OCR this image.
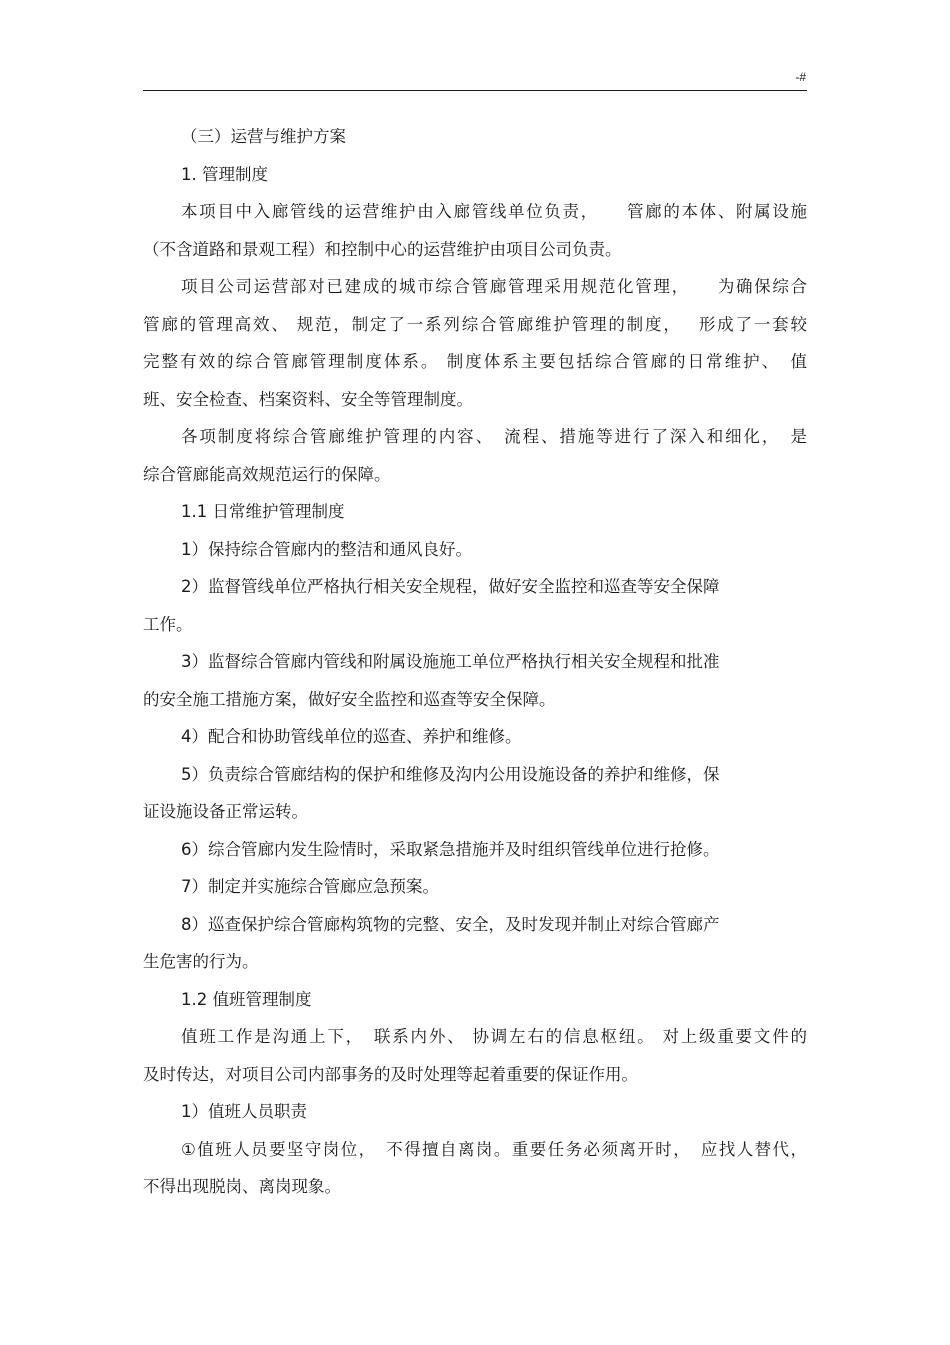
-#

（三）运营与维护方案

1. 管理制度

本项目中入廊管线的运营维护由入廊管线单位负责，　　管廊的本体、附属设施

（不含道路和景观工程）和控制中心的运营维护由项目公司负责。

项目公司运营部对已建成的城市综合管廊管理采用规范化管理，　　为确保综合

管廊的管理高效、 规范，制定了一系列综合管廊维护管理的制度，　 形成了一套较

完整有效的综合管廊管理制度体系。 制度体系主要包括综合管廊的日常维护、　值

班、安全检查、档案资料、安全等管理制度。

各项制度将综合管廊维护管理的内容、　流程、措施等进行了深入和细化，　是

综合管廊能高效规范运行的保障。

1.1 日常维护管理制度

1）保持综合管廊内的整洁和通风良好。

2）监督管线单位严格执行相关安全规程，做好安全监控和巡查等安全保障

工作。

3）监督综合管廊内管线和附属设施施工单位严格执行相关安全规程和批准

的安全施工措施方案，做好安全监控和巡查等安全保障。

4）配合和协助管线单位的巡查、养护和维修。

5）负责综合管廊结构的保护和维修及沟内公用设施设备的养护和维修，保

证设施设备正常运转。

6）综合管廊内发生险情时，采取紧急措施并及时组织管线单位进行抢修。

7）制定并实施综合管廊应急预案。

8）巡查保护综合管廊构筑物的完整、安全，及时发现并制止对综合管廊产

生危害的行为。

1.2 值班管理制度

值班工作是沟通上下，　联系内外、 协调左右的信息枢纽。 对上级重要文件的

及时传达，对项目公司内部事务的及时处理等起着重要的保证作用。

1）值班人员职责

①值班人员要坚守岗位，　不得擅自离岗。重要任务必须离开时，　应找人替代，

不得出现脱岗、离岗现象。
